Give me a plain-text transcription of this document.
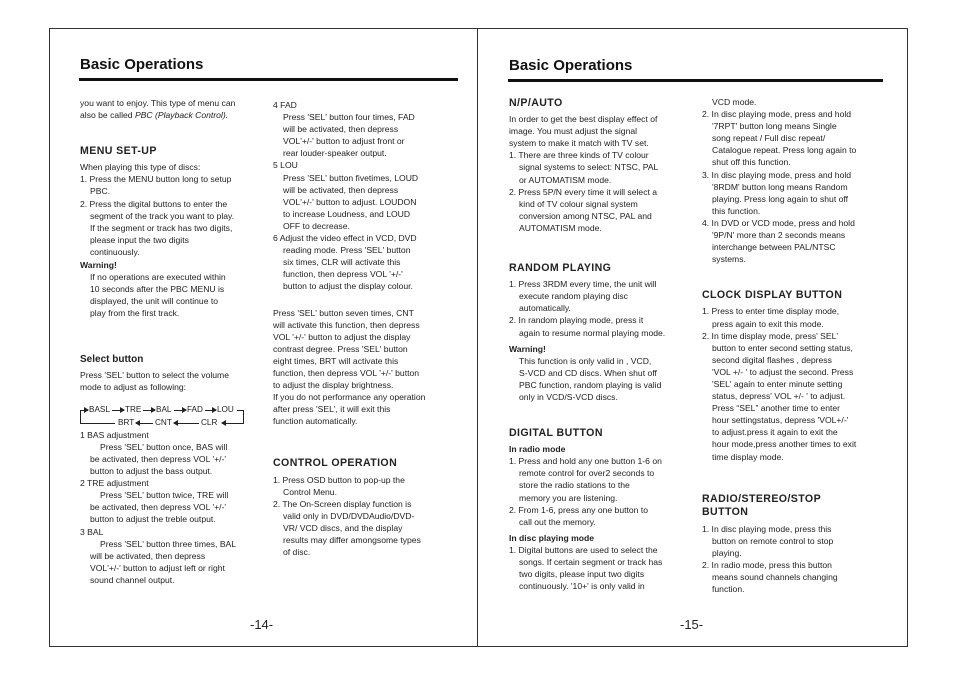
Basic Operations

you want to enjoy. This type of menu can

also be called PBC (Playback Control).

MENU SET-UP

When playing this type of discs:

1. Press the MENU button long to setup

PBC.

2. Press the digital buttons to enter the

segment of the track you want to play.

If the segment or track has two digits,

please input the two digits

continuously.

Warning!

If no operations are executed within

10 seconds after the PBC MENU is

displayed, the unit will continue to

play from the first track.

Select button

Press 'SEL' button to select the volume

mode to adjust as following:

1 BAS adjustment

Press 'SEL' button once, BAS will

be activated, then depress VOL '+/-'

button to adjust the bass output.

2 TRE adjustment

Press 'SEL' button twice, TRE will

be activated, then depress VOL '+/-'

button to adjust the treble output.

3 BAL

Press 'SEL' button three times, BAL

will be activated, then depress

VOL'+/-' button to adjust left or right

sound channel output.

BASL TRE BAL FAD LOU
CLR
CNT
BRT

4 FAD

Press 'SEL' button four times, FAD

will be activated, then depress

VOL'+/-' button to adjust front or

rear louder-speaker output.

5 LOU

Press 'SEL' button fivetimes, LOUD

will be activated, then depress

VOL'+/-' button to adjust. LOUDON

to increase Loudness, and LOUD

OFF to decrease.

6 Adjust the video effect in VCD, DVD

reading mode. Press 'SEL' button

six times, CLR will activate this

function, then depress VOL '+/-'

button to adjust the display colour.

Press 'SEL' button seven times, CNT

will activate this function, then depress

VOL '+/-' button to adjust the display

contrast degree. Press 'SEL' button

eight times, BRT will activate this

function, then depress VOL '+/-' button

to adjust the display brightness.

If you do not performance any operation

after press 'SEL', it will exit this

function automatically.

CONTROL OPERATION

1. Press OSD button to pop-up the

Control Menu.

2. The On-Screen display function is

valid only in DVD/DVDAudio/DVD-

VR/ VCD discs, and the display

results may differ amongsome types

of disc.

-14-
Basic Operations
N/P/AUTO

In order to get the best display effect of

image. You must adjust the signal

system to make it match with TV set.

1. There are three kinds of TV colour

signal systems to select: NTSC, PAL

or AUTOMATISM mode.

2. Press 5P/N every time it will select a

kind of TV colour signal system

conversion among NTSC, PAL and

AUTOMATISM mode.

RANDOM PLAYING

1. Press 3RDM every time, the unit will

execute random playing disc

automatically.

2. In random playing mode, press it

again to resume normal playing mode.

Warning!

This function is only valid in , VCD,

S-VCD and CD discs. When shut off

PBC function, random playing is valid

only in VCD/S-VCD discs.

DIGITAL BUTTON

In radio mode

1. Press and hold any one button 1-6 on

remote control for over2 seconds to

store the radio stations to the

memory you are listening.

2. From 1-6, press any one button to

call out the memory.

In disc playing mode

1. Digital buttons are used to select the

songs. If certain segment or track has

two digits, please input two digits

continuously. '10+' is only valid in

VCD mode.

2. In disc playing mode, press and hold

'7RPT' button long means Single

song repeat / Full disc repeat/

Catalogue repeat. Press long again to

shut off this function.

3. In disc playing mode, press and hold

'8RDM' button long means Random

playing. Press long again to shut off

this function.

4. In DVD or VCD mode, press and hold

'9P/N' more than 2 seconds means

interchange between PAL/NTSC

systems.

CLOCK DISPLAY BUTTON

1. Press to enter time display mode,

press again to exit this mode.

2. In time display mode, press' SEL'

button to enter second setting status,

second digital flashes , depress

'VOL +/- ' to adjust the second. Press

'SEL' again to enter minute setting

status, depress' VOL +/- ' to adjust.

Press “SEL” another time to enter

hour settingstatus, depress 'VOL+/-'

to adjust.press it again to exit the

hour mode,press another times to exit

time display mode.

RADIO/STEREO/STOP
BUTTON

1. In disc playing mode, press this

button on remote control to stop

playing.

2. In radio mode, press this button

means sound channels changing

function.

-15-
